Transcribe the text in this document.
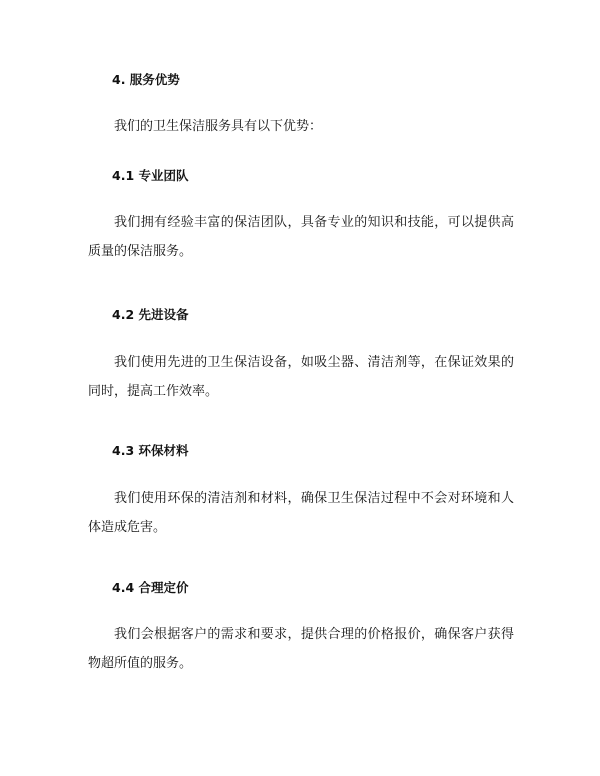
4. 服务优势
我们的卫生保洁服务具有以下优势：
4.1 专业团队
我们拥有经验丰富的保洁团队，具备专业的知识和技能，可以提供高质量的保洁服务。
4.2 先进设备
我们使用先进的卫生保洁设备，如吸尘器、清洁剂等，在保证效果的同时，提高工作效率。
4.3 环保材料
我们使用环保的清洁剂和材料，确保卫生保洁过程中不会对环境和人体造成危害。
4.4 合理定价
我们会根据客户的需求和要求，提供合理的价格报价，确保客户获得物超所值的服务。
